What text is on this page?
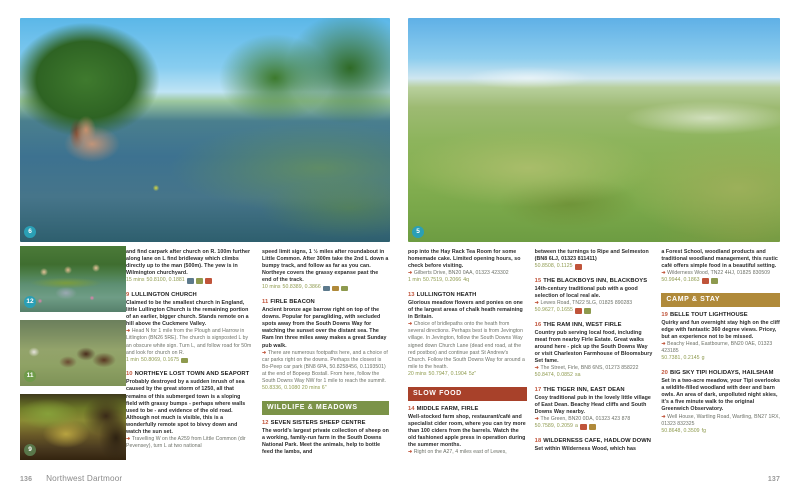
6
and find carpark after church on R. 100m further along lane on L find bridleway which climbs directly up to the man (500m). The yew is in Wilmington churchyard.
15 mins 50.8100, 0.1881
9 LULLINGTON CHURCH
Claimed to be the smallest church in England, little Lullington Church is the remaining portion of an earlier, bigger church. Stands remote on a hill above the Cuckmere Valley.
➜ Head N for 1 mile from the Plough and Harrow in Litlington (BN26 5RE). The church is signposted L by an obscure white sign. Turn L, and follow road for 50m and look for church on R.
1 min 50.8069, 0.1675
10 NORTHEYE LOST TOWN AND SEAPORT
Probably destroyed by a sudden inrush of sea caused by the great storm of 1250, all that remains of this submerged town is a sloping field with grassy bumps - perhaps where walls used to be - and evidence of the old road. Although not much is visible, this is a wonderfully remote spot to bivvy down and watch the sun set.
➜ Travelling W on the A259 from Little Common (dir Pevensey), turn L at two national
speed limit signs, 1 ½ miles after roundabout in Little Common. After 300m take the 2nd L down a bumpy track, and follow as far as you can. Northeye covers the grassy expanse past the end of the track.
10 mins 50.8389, 0.3866
11 FIRLE BEACON
Ancient bronze age barrow right on top of the downs. Popular for paragliding, with secluded spots away from the South Downs Way for watching the sunset over the distant sea. The Ram Inn three miles away makes a great Sunday pub walk.
➜ There are numerous footpaths here, and a choice of car parks right on the downs. Perhaps the closest is Bo-Peep car park (BN8 6PA, 50.8258456, 0.1193501) at the end of Bopeep Bostall. From here, follow the South Downs Way NW for 1 mile to reach the summit.
50.8336, 0.1080 20 mins 6"
WILDLIFE & MEADOWS
12 SEVEN SISTERS SHEEP CENTRE
The world's largest private collection of sheep on a working, family-run farm in the South Downs National Park. Meet the animals, help to bottle feed the lambs, and
12
11
9
136 Northwest Dartmoor
5
pop into the Hay Rack Tea Room for some homemade cake. Limited opening hours, so check before visiting.
➜ Gilberts Drive, BN20 0AA, 01323 423302
1 min 50.7519, 0.2066 4q
13 LULLINGTON HEATH
Glorious meadow flowers and ponies on one of the largest areas of chalk heath remaining in Britain.
➜ Choice of bridlepaths onto the heath from several directions. Perhaps best is from Jevington village. In Jevington, follow the South Downs Way signed down Church Lane (dead end road, at the red postbox) and continue past St Andrew's Church. Follow the South Downs Way for around a mile to the heath.
20 mins 50.7947, 0.1904 5z"
SLOW FOOD
14 MIDDLE FARM, FIRLE
Well-stocked farm shop, restaurant/café and specialist cider room, where you can try more than 100 ciders from the barrels. Watch the old fashioned apple press in operation during the summer months.
➜ Right on the A27, 4 miles east of Lewes,
between the turnings to Ripe and Selmeston (BN8 6LJ, 01323 811411)
50.8508, 0.1125
15 THE BLACKBOYS INN, BLACKBOYS
14th-century traditional pub with a good selection of local real ale.
➜ Lewes Road, TN22 5LG, 01825 890283
50.9627, 0.1655
16 THE RAM INN, WEST FIRLE
Country pub serving local food, including meat from nearby Firle Estate. Great walks around here - pick up the South Downs Way or visit Charleston Farmhouse of Bloomsbury Set fame.
➜ The Street, Firle, BN8 6NS, 01273 858222
50.8474, 0.0852 sa
17 THE TIGER INN, EAST DEAN
Cosy traditional pub in the lovely little village of East Dean. Beachy Head cliffs and South Downs Way nearby.
➜ The Green, BN20 0DA, 01323 423 878
50.7589, 0.2059 a
18 WILDERNESS CAFE, HADLOW DOWN
Set within Wilderness Wood, which has
a Forest School, woodland products and traditional woodland management, this rustic café offers simple food in a beautiful setting.
➜ Wilderness Wood, TN22 4HJ, 01825 830509
50.9944, 0.1863
CAMP & STAY
19 BELLE TOUT LIGHTHOUSE
Quirky and fun overnight stay high on the cliff edge with fantastic 360 degree views. Pricey, but an experience not to be missed.
➜ Beachy Head, Eastbourne, BN20 0AE, 01323 423185
50.7381, 0.2145 g
20 BIG SKY TIPI HOLIDAYS, HAILSHAM
Set in a two-acre meadow, your Tipi overlooks a wildlife-filled woodland with deer and barn owls. An area of dark, unpolluted night skies, it's a five minute walk to the original Greenwich Observatory.
➜ Well House, Wartling Road, Wartling, BN27 1RX, 01323 832325
50.8648, 0.3509 fg
137
